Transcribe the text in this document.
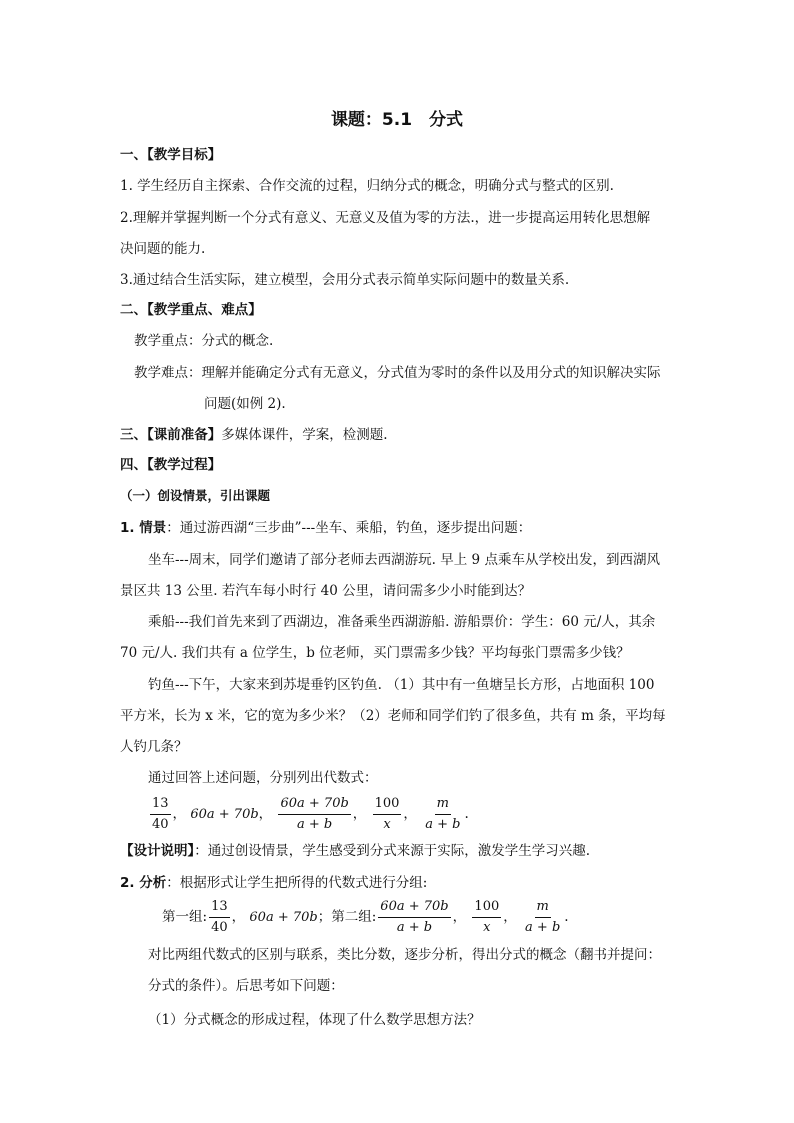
课题：5.1　分式
一、【教学目标】
1. 学生经历自主探索、合作交流的过程，归纳分式的概念，明确分式与整式的区别.
2.理解并掌握判断一个分式有意义、无意义及值为零的方法.，进一步提高运用转化思想解
决问题的能力.
3.通过结合生活实际，建立模型，会用分式表示简单实际问题中的数量关系.
二、【教学重点、难点】
教学重点：分式的概念.
教学难点：理解并能确定分式有无意义，分式值为零时的条件以及用分式的知识解决实际
问题(如例 2).
三、【课前准备】多媒体课件，学案，检测题.
四、【教学过程】
（一）创设情景，引出课题
1. 情景：通过游西湖“三步曲”---坐车、乘船，钓鱼，逐步提出问题：
坐车---周末，同学们邀请了部分老师去西湖游玩. 早上 9 点乘车从学校出发，到西湖风
景区共 13 公里. 若汽车每小时行 40 公里，请问需多少小时能到达？
乘船---我们首先来到了西湖边，准备乘坐西湖游船. 游船票价：学生：60 元/人，其余
70 元/人. 我们共有 a 位学生，b 位老师，买门票需多少钱？平均每张门票需多少钱？
钓鱼---下午，大家来到苏堤垂钓区钓鱼. （1）其中有一鱼塘呈长方形，占地面积 100
平方米，长为 x 米，它的宽为多少米？（2）老师和同学们钓了很多鱼，共有 m 条，平均每
人钓几条？
通过回答上述问题，分别列出代数式：
$\frac{13}{40}$ ， 60a + 70b， $\frac{60a + 70b}{a + b}$ ， $\frac{100}{x}$ ， $\frac{m}{a + b}$ .
【设计说明】：通过创设情景，学生感受到分式来源于实际，激发学生学习兴趣.
2. 分析：根据形式让学生把所得的代数式进行分组:
第一组: $\frac{13}{40}$ ， 60a + 70b；第二组: $\frac{60a + 70b}{a + b}$ ， $\frac{100}{x}$ ， $\frac{m}{a + b}$ .
对比两组代数式的区别与联系，类比分数，逐步分析，得出分式的概念（翻书并提问：
分式的条件）。后思考如下问题：
（1）分式概念的形成过程，体现了什么数学思想方法？
